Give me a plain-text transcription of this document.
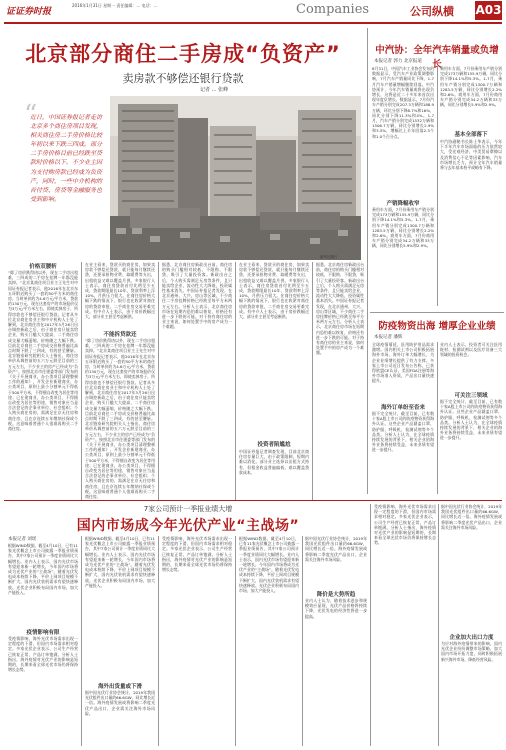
证证券时报
2016年1月31日 星期一 责任编辑：… 电话：…	Companies	公司纵横 A03
北京部分商住二手房成“负资产”
卖房款不够偿还银行贷款
记者 … 张峰
“
近日，中国证券报记者走访北京多个商住房项目发现，相关商住房二手房价格比较年初以来下跌三四成。部分二手房价格目前已经跌至贷款时价格以下。不少业主因为支付购房款已经成为负资产，同时，一些中介机构的首付贷、房贷等金融服务也受到影响。
新华社图片
价格双腰斩
“除了房价跌得凶以外，现在二手房出租难，三四成的二手房在挂牌一年都没能卖掉。”北京某商住项目业主王先生对中国证券报记者表示，他2016年在北京东五环附近购买了一套约50平方米的商住房，当时单价约为4.6万元/平方米，贷款约130万元，现在这套房产的市场报价仅为3万元/平方米左右，即使卖掉房子，所得房款也不够偿还银行贷款。记者从多位北京商住房业主和中介机构人士处了解到，北京商住房在2017年3月26日出台调控新政之后，由于商住房只能卖给企业，购买门槛大大提高，二手商住房成交量大幅萎缩，价格随之大幅下跌。目前北京商住二手房成交价格普遍比高点时期下跌了三四成，有的甚至腰斩。北京链家研究院相关人士指出，商住房单价从调控前的五六万元跌至目前的三万元左右，不少业主的房产已经成为“负资产”。按照北京市住建委等部门发布的《关于开展商业、办公类项目清理整顿工作的通知》，开发企业新建商业、办公类项目，原则上最小分割单元不得低于500平方米，不得擅自改变为居住等用途；已在建商业、办公类项目，不得擅自改变为居住等用途，销售对象应当是合法登记的企事业单位、社会组织；个人购买商住房的，需满足在京无住房和商住房，且在京连续五年缴纳社保或个税。这意味着普通个人很难再购买二手商住房。
在业主看来，贷款买的商住房，如果卖房款不够偿还贷款，就只能每月继续还贷，还要承担物业费、取暖费等支出，出租收益又难以覆盖月供。多家银行人士表示，商住房贷款首付比例至少五成，贷款期限最长10年，贷款利率上浮10%，月供压力很大。在商住房价格大幅下跌的情况下，银行也在收紧对商住房的贷款审批，二手商住房交易更难完成。有中介人士表示，由于房价跌幅过大，部分业主甚至考虑断供。
不能拆贷款还
“除了房价跌得凶以外，现在二手房出租难，三四成的二手房在挂牌一年都没能卖掉。”北京某商住项目业主王先生对中国证券报记者表示，他2016年在北京东五环附近购买了一套约50平方米的商住房，当时单价约为4.6万元/平方米，贷款约130万元，现在这套房产的市场报价仅为3万元/平方米左右，即使卖掉房子，所得房款也不够偿还银行贷款。记者从多位北京商住房业主和中介机构人士处了解到，北京商住房在2017年3月26日出台调控新政之后，由于商住房只能卖给企业，购买门槛大大提高，二手商住房成交量大幅萎缩，价格随之大幅下跌。目前北京商住二手房成交价格普遍比高点时期下跌了三四成，有的甚至腰斩。北京链家研究院相关人士指出，商住房单价从调控前的五六万元跌至目前的三万元左右，不少业主的房产已经成为“负资产”。按照北京市住建委等部门发布的《关于开展商业、办公类项目清理整顿工作的通知》，开发企业新建商业、办公类项目，原则上最小分割单元不得低于500平方米，不得擅自改变为居住等用途；已在建商业、办公类项目，不得擅自改变为居住等用途，销售对象应当是合法登记的企事业单位、社会组织；个人购买商住房的，需满足在京无住房和商住房，且在京连续五年缴纳社保或个税。这意味着普通个人很难再购买二手商住房。
据悉，北京商住房新政出台前，商住房的购买门槛相对较低，不限购、不限贷，吸引了大量投资客。新政出台之后，个人购买需满足无房等条件，且只能卖给企业，流动性大大降低，投资属性基本消失。中国证券报记者发现，在北京通州、大兴、房山等区域，不少商住二手房挂牌价格已经跌至每平方米两万元左右。分析人士表示，北京商住房市场在短期内恐怕难以恢复，价格还有进一步下跌的可能。对于持有商住房的业主来说，如何处置手中的房产成为一个难题。
在业主看来，贷款买的商住房，如果卖房款不够偿还贷款，就只能每月继续还贷，还要承担物业费、取暖费等支出，出租收益又难以覆盖月供。多家银行人士表示，商住房贷款首付比例至少五成，贷款期限最长10年，贷款利率上浮10%，月供压力很大。在商住房价格大幅下跌的情况下，银行也在收紧对商住房的贷款审批，二手商住房交易更难完成。有中介人士表示，由于房价跌幅过大，部分业主甚至考虑断供。
投资者陷尴尬
中国证券报记者调查发现，目前北京商住房存量巨大，由于政策限制，短期内难以消化。部分业主选择以出租方式持有，但租金收益普遍偏低，难以覆盖贷款成本。
据悉，北京商住房新政出台前，商住房的购买门槛相对较低，不限购、不限贷，吸引了大量投资客。新政出台之后，个人购买需满足无房等条件，且只能卖给企业，流动性大大降低，投资属性基本消失。中国证券报记者发现，在北京通州、大兴、房山等区域，不少商住二手房挂牌价格已经跌至每平方米两万元左右。分析人士表示，北京商住房市场在短期内恐怕难以恢复，价格还有进一步下跌的可能。对于持有商住房的业主来说，如何处置手中的房产成为一个难题。
中汽协：全年汽车销量或负增长
本报记者 郭力 北京报道
8月31日，中国汽车工业协会发布的数据显示，受汽车产业政策调整影响，7月汽车产销量同比下降，1-7月汽车产销量增幅继续回落。中汽协预计，今年汽车销量或将出现负增长，这将是近二十多年来首次出现年度负增长。数据显示，7月份汽车产销分别完成207.3万辆和188.9万辆，环比分别下降8.7%和16%，同比分别下降11.3%和4%。1-7月，汽车产销分别完成1532万辆和1506.7万辆，同比分别增长2.9%和3.5%，增幅比上半年回落2.3个和1.0个百分点。
产销降幅收窄
乘用车方面，7月份乘用车产销分别完成173万辆和155.9万辆，同比分别下降14.1%和5.3%。1-7月，乘用车产销分别完成1300.7万辆和1283.5万辆，同比分别增长2.2%和2.6%。商用车方面，7月份商用车产销分别完成34.2万辆和33万辆，同比分别增长5.9%和2.9%。
乘用车方面，7月份乘用车产销分别完成173万辆和155.9万辆，同比分别下降14.1%和5.3%。1-7月，乘用车产销分别完成1300.7万辆和1283.5万辆，同比分别增长2.2%和2.6%。商用车方面，7月份商用车产销分别完成34.2万辆和33万辆，同比分别增长5.9%和2.9%。
基本全部落下
中汽协副秘书长陈士华表示，今年下半年汽车市场面临的压力依然较大，受宏观经济、中美贸易摩擦以及消费信心不足等因素影响，汽车市场增长乏力。预计全年汽车销量将与去年基本持平或略有下降。
防疫物资出海 增厚企业业绩
本报记者 潘辉
全球疫情蔓延，医用防护用品需求激增。国内相关上市公司积极拓展海外市场，海外订单大幅增长，为企业业绩增长提供了有力支撑。多家上市公司近日发布公告称，已获得欧盟CE认证、美国FDA注册等海外市场准入资质，产品出口量快速提升。
海外订单纷至沓来
据不完全统计，截至目前，已有数十家A股上市公司的防疫物资获得海外认证。这些企业产品涵盖口罩、防护服、呼吸机、检测试剂等多个品类。分析人士认为，在全球疫情持续发展的背景下，相关企业的海外业务将持续受益，未来业绩有望进一步提升。
业内人士表示，投资者可关注医用耗材、检测试剂以及医疗设备三大领域的投资机会。
可关注三领域
据不完全统计，截至目前，已有数十家A股上市公司的防疫物资获得海外认证。这些企业产品涵盖口罩、防护服、呼吸机、检测试剂等多个品类。分析人士认为，在全球疫情持续发展的背景下，相关企业的海外业务将持续受益，未来业绩有望进一步提升。
7家公司预计一季报业绩大增
国内市场成今年光伏产业“主战场”
本报记者 刘瑶
根据WIND数据，截至4月10日，已有11家光伏概念上市公司披露一季报业绩预告，其中7家公司预计一季度业绩同比大幅增长。业内人士表示，国内光伏市场有望迎来新一轮增长，今年国内市场将成为光伏产业的“主战场”。随着光伏发电成本持续下降，平价上网项目规模不断扩大，国内光伏装机需求有望快速释放。光伏企业积极布局国内市场，加大产能投入。
疫情影响有限
受疫情影响，海外光伏市场需求出现一定程度的下滑，但国内市场需求相对稳定。多家光伏企业表示，公司生产经营已恢复正常，产品订单饱满。分析人士指出，海外疫情对光伏产业的影响是短期的，长期来看全球光伏市场仍将保持增长态势。
根据WIND数据，截至4月10日，已有11家光伏概念上市公司披露一季报业绩预告，其中7家公司预计一季度业绩同比大幅增长。业内人士表示，国内光伏市场有望迎来新一轮增长，今年国内市场将成为光伏产业的“主战场”。随着光伏发电成本持续下降，平价上网项目规模不断扩大，国内光伏装机需求有望快速释放。光伏企业积极布局国内市场，加大产能投入。
海外出货量或下滑
据中国光伏行业协会统计，2019年我国光伏组件出口量约66.6GW，同比增长近一倍。海外疫情发展或将影响二季度光伏产品出口，企业需关注海外市场风险。
受疫情影响，海外光伏市场需求出现一定程度的下滑，但国内市场需求相对稳定。多家光伏企业表示，公司生产经营已恢复正常，产品订单饱满。分析人士指出，海外疫情对光伏产业的影响是短期的，长期来看全球光伏市场仍将保持增长态势。
根据WIND数据，截至4月10日，已有11家光伏概念上市公司披露一季报业绩预告，其中7家公司预计一季度业绩同比大幅增长。业内人士表示，国内光伏市场有望迎来新一轮增长，今年国内市场将成为光伏产业的“主战场”。随着光伏发电成本持续下降，平价上网项目规模不断扩大，国内光伏装机需求有望快速释放。光伏企业积极布局国内市场，加大产能投入。
据中国光伏行业协会统计，2019年我国光伏组件出口量约66.6GW，同比增长近一倍。海外疫情发展或将影响二季度光伏产品出口，企业需关注海外市场风险。
降价是大势所趋
业内人士认为，随着技术进步和规模效应显现，光伏产品价格将持续下降，光伏发电的经济性将进一步提高。
受疫情影响，海外光伏市场需求出现一定程度的下滑，但国内市场需求相对稳定。多家光伏企业表示，公司生产经营已恢复正常，产品订单饱满。分析人士指出，海外疫情对光伏产业的影响是短期的，长期来看全球光伏市场仍将保持增长态势。
据中国光伏行业协会统计，2019年我国光伏组件出口量约66.6GW，同比增长近一倍。海外疫情发展或将影响二季度光伏产品出口，企业需关注海外市场风险。
企业加大出口力度
为应对海外疫情带来的影响，国内光伏企业纷纷调整市场策略，加大国内市场开拓力度，同时积极拓展新兴海外市场，降低经营风险。
